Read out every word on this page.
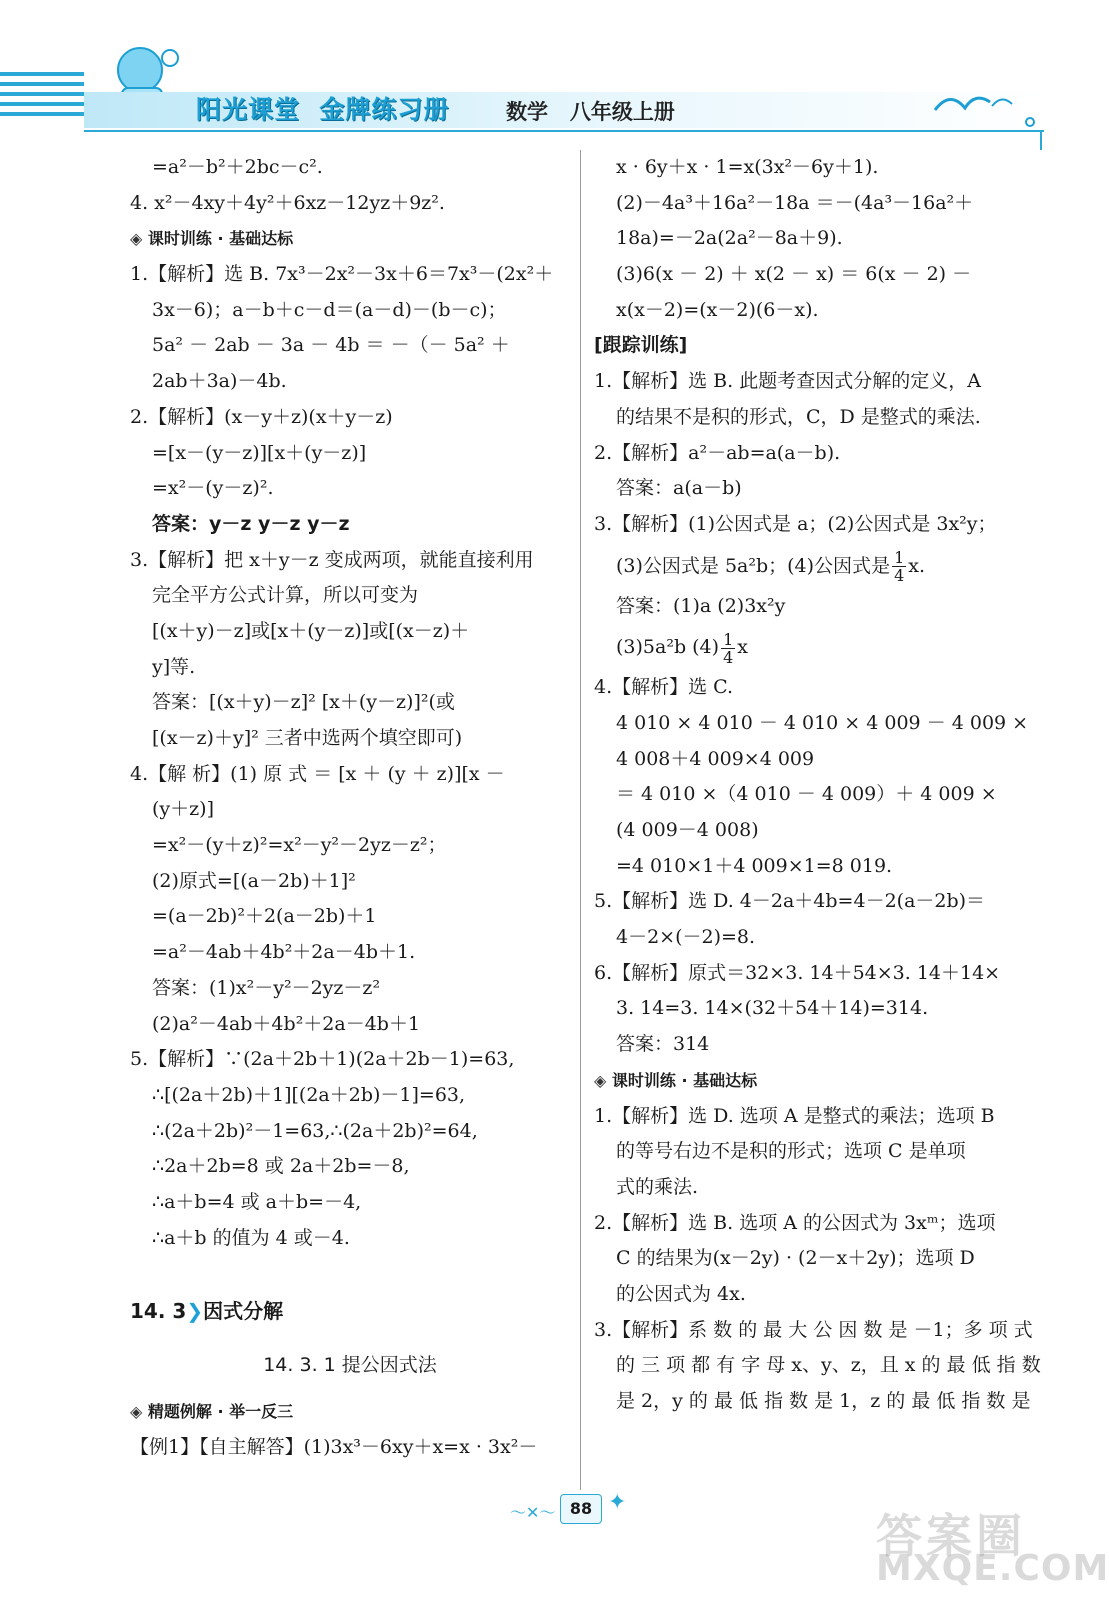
阳光课堂  金牌练习册	数学   八年级上册
=a²－b²＋2bc－c².
4. x²－4xy＋4y²＋6xz－12yz＋9z².
◈ 课时训练 · 基础达标
1.【解析】选 B. 7x³－2x²－3x＋6＝7x³－(2x²＋
3x－6)；a－b＋c－d＝(a－d)－(b－c)；
5a² － 2ab － 3a － 4b ＝ －（－ 5a² ＋
2ab＋3a)－4b.
2.【解析】(x－y＋z)(x＋y－z)
=[x－(y－z)][x＋(y－z)]
=x²－(y－z)².
答案：y－z y－z y－z
3.【解析】把 x＋y－z 变成两项，就能直接利用
完全平方公式计算，所以可变为
[(x＋y)－z]或[x＋(y－z)]或[(x－z)＋
y]等.
答案：[(x＋y)－z]² [x＋(y－z)]²(或
[(x－z)＋y]² 三者中选两个填空即可)
4.【解 析】(1) 原 式 ＝ [x ＋ (y ＋ z)][x －
(y＋z)]
=x²－(y＋z)²=x²－y²－2yz－z²；
(2)原式=[(a－2b)＋1]²
=(a－2b)²＋2(a－2b)＋1
=a²－4ab＋4b²＋2a－4b＋1.
答案：(1)x²－y²－2yz－z²
(2)a²－4ab＋4b²＋2a－4b＋1
5.【解析】∵(2a＋2b＋1)(2a＋2b－1)=63,
∴[(2a＋2b)＋1][(2a＋2b)－1]=63,
∴(2a＋2b)²－1=63,∴(2a＋2b)²=64,
∴2a＋2b=8 或 2a＋2b=－8,
∴a＋b=4 或 a＋b=－4,
∴a＋b 的值为 4 或－4.
14. 3❯因式分解
14. 3. 1 提公因式法
◈ 精题例解 · 举一反三
【例1】【自主解答】(1)3x³－6xy＋x=x · 3x²－
x · 6y＋x · 1=x(3x²－6y＋1).
(2)－4a³＋16a²－18a ＝－(4a³－16a²＋
18a)=－2a(2a²－8a＋9).
(3)6(x － 2) ＋ x(2 － x) ＝ 6(x － 2) －
x(x－2)=(x－2)(6－x).
[跟踪训练]
1.【解析】选 B. 此题考查因式分解的定义，A
的结果不是积的形式，C，D 是整式的乘法.
2.【解析】a²－ab=a(a－b).
答案：a(a－b)
3.【解析】(1)公因式是 a；(2)公因式是 3x²y；
(3)公因式是 5a²b；(4)公因式是 $\frac{1}{4} x$.
答案：(1)a (2)3x²y
(3)5a²b $(4) \frac{1}{4}$ x
4.【解析】选 C.
4 010 × 4 010 － 4 010 × 4 009 － 4 009 ×
4 008＋4 009×4 009
＝ 4 010 ×（4 010 － 4 009）＋ 4 009 ×
(4 009－4 008)
=4 010×1＋4 009×1=8 019.
5.【解析】选 D. 4－2a＋4b=4－2(a－2b)＝
4－2×(－2)=8.
6.【解析】原式＝32×3. 14＋54×3. 14＋14×
3. 14=3. 14×(32＋54＋14)=314.
答案：314
◈ 课时训练 · 基础达标
1.【解析】选 D. 选项 A 是整式的乘法；选项 B
的等号右边不是积的形式；选项 C 是单项
式的乘法.
2.【解析】选 B. 选项 A 的公因式为 3xᵐ；选项
C 的结果为(x－2y) · (2－x＋2y)；选项 D
的公因式为 4x.
3.【解析】系 数 的 最 大 公 因 数 是 －1；多 项 式
的 三 项 都 有 字 母 x、y、z，且 x 的 最 低 指 数
是 2，y 的 最 低 指 数 是 1，z 的 最 低 指 数 是
～✕～ 88 ✦
答案圈
MXQE.COM
